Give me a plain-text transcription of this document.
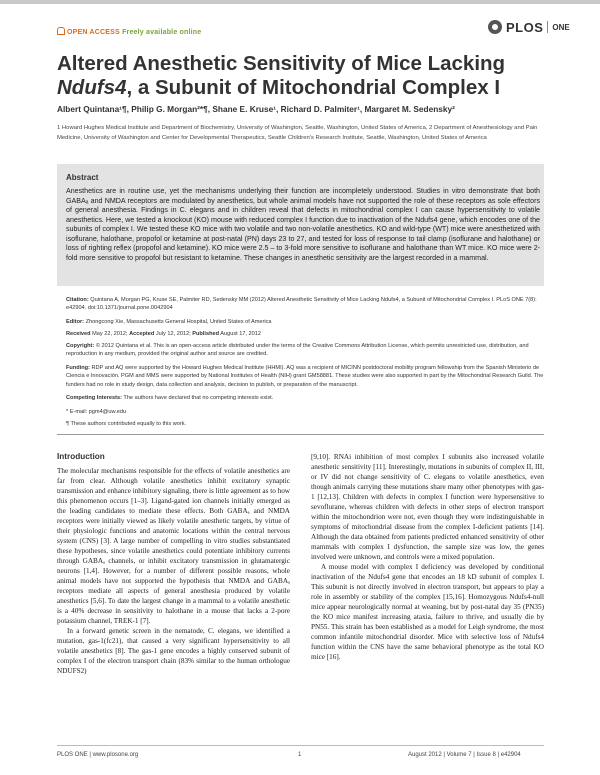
OPEN ACCESS Freely available online	PLOS ONE
Altered Anesthetic Sensitivity of Mice Lacking Ndufs4, a Subunit of Mitochondrial Complex I
Albert Quintana¹¶, Philip G. Morgan²*¶, Shane E. Kruse¹, Richard D. Palmiter¹, Margaret M. Sedensky²
1 Howard Hughes Medical Institute and Department of Biochemistry, University of Washington, Seattle, Washington, United States of America, 2 Department of Anesthesiology and Pain Medicine, University of Washington and Center for Developmental Therapeutics, Seattle Children's Research Institute, Seattle, Washington, United States of America
Abstract
Anesthetics are in routine use, yet the mechanisms underlying their function are incompletely understood. Studies in vitro demonstrate that both GABAₐ and NMDA receptors are modulated by anesthetics, but whole animal models have not supported the role of these receptors as sole effectors of general anesthesia. Findings in C. elegans and in children reveal that defects in mitochondrial complex I can cause hypersensitivity to volatile anesthetics. Here, we tested a knockout (KO) mouse with reduced complex I function due to inactivation of the Ndufs4 gene, which encodes one of the subunits of complex I. We tested these KO mice with two volatile and two non-volatile anesthetics. KO and wild-type (WT) mice were anesthetized with isoflurane, halothane, propofol or ketamine at post-natal (PN) days 23 to 27, and tested for loss of response to tail clamp (isoflurane and halothane) or loss of righting reflex (propofol and ketamine). KO mice were 2.5 – to 3-fold more sensitive to isoflurane and halothane than WT mice. KO mice were 2-fold more sensitive to propofol but resistant to ketamine. These changes in anesthetic sensitivity are the largest recorded in a mammal.
Citation: Quintana A, Morgan PG, Kruse SE, Palmiter RD, Sedensky MM (2012) Altered Anesthetic Sensitivity of Mice Lacking Ndufs4, a Subunit of Mitochondrial Complex I. PLoS ONE 7(8): e42904. doi:10.1371/journal.pone.0042904
Editor: Zhongcong Xie, Massachusetts General Hospital, United States of America
Received May 22, 2012; Accepted July 12, 2012; Published August 17, 2012
Copyright: © 2012 Quintana et al. This is an open-access article distributed under the terms of the Creative Commons Attribution License, which permits unrestricted use, distribution, and reproduction in any medium, provided the original author and source are credited.
Funding: RDP and AQ were supported by the Howard Hughes Medical Institute (HHMI). AQ was a recipient of MICINN postdoctoral mobility program fellowship from the Spanish Ministerio de Ciencia e Innovación. PGM and MMS were supported by National Institutes of Health (NIH) grant GM58881. These studies were also supported in part by the Mitochondrial Research Guild. The funders had no role in study design, data collection and analysis, decision to publish, or preparation of the manuscript.
Competing Interests: The authors have declared that no competing interests exist.
* E-mail: pgm4@uw.edu
¶ These authors contributed equally to this work.
Introduction

The molecular mechanisms responsible for the effects of volatile anesthetics are far from clear. Although volatile anesthetics inhibit excitatory synaptic transmission and enhance inhibitory signaling, there is little agreement as to how this phenomenon occurs [1–3]. Ligand-gated ion channels initially emerged as the leading candidates to mediate these effects. Both GABAₐ and NMDA receptors were initially viewed as likely volatile anesthetic targets, by virtue of their physiologic functions and anatomic locations within the central nervous system (CNS) [3]. A large number of compelling in vitro studies substantiated these hypotheses, since volatile anesthetics could potentiate inhibitory currents through GABAₐ channels, or inhibit excitatory transmission in glutamatergic neurons [1,4]. However, for a number of different possible reasons, whole animal models have not supported the hypothesis that NMDA and GABAₐ receptors mediate all aspects of general anesthesia produced by volatile anesthetics [5,6]. To date the largest change in a mammal to a volatile anesthetic is a 40% decrease in sensitivity to halothane in a mouse that lacks a 2-pore potassium channel, TREK-1 [7].

In a forward genetic screen in the nematode, C. elegans, we identified a mutation, gas-1(fc21), that caused a very significant hypersensitivity to all volatile anesthetics [8]. The gas-1 gene encodes a highly conserved subunit of complex I of the electron transport chain (83% similar to the human orthologue NDUFS2)

[9,10]. RNAi inhibition of most complex I subunits also increased volatile anesthetic sensitivity [11]. Interestingly, mutations in subunits of complex II, III, or IV did not change sensitivity of C. elegans to volatile anesthetics, even though animals carrying these mutations share many other phenotypes with gas-1 [12,13]. Children with defects in complex I function were hypersensitive to sevoflurane, whereas children with defects in other steps of electron transport within the mitochondrion were not, even though they were indistinguishable in symptoms of mitochondrial disease from the complex I-deficient patients [14]. Although the data obtained from patients predicted enhanced sensitivity of other mammals with complex I dysfunction, the sample size was low, the genes involved were unknown, and controls were a mixed population.

A mouse model with complex I deficiency was developed by conditional inactivation of the Ndufs4 gene that encodes an 18 kD subunit of complex I. This subunit is not directly involved in electron transport, but appears to play a role in assembly or stability of the complex [15,16]. Homozygous Ndufs4-null mice appear neurologically normal at weaning, but by post-natal day 35 (PN35) the KO mice manifest increasing ataxia, failure to thrive, and usually die by PN55. This strain has been established as a model for Leigh syndrome, the most common infantile mitochondrial disorder. Mice with selective loss of Ndufs4 function within the CNS have the same behavioral phenotype as the total KO mice [16].

PLOS ONE | www.plosone.org	1	August 2012 | Volume 7 | Issue 8 | e42904
